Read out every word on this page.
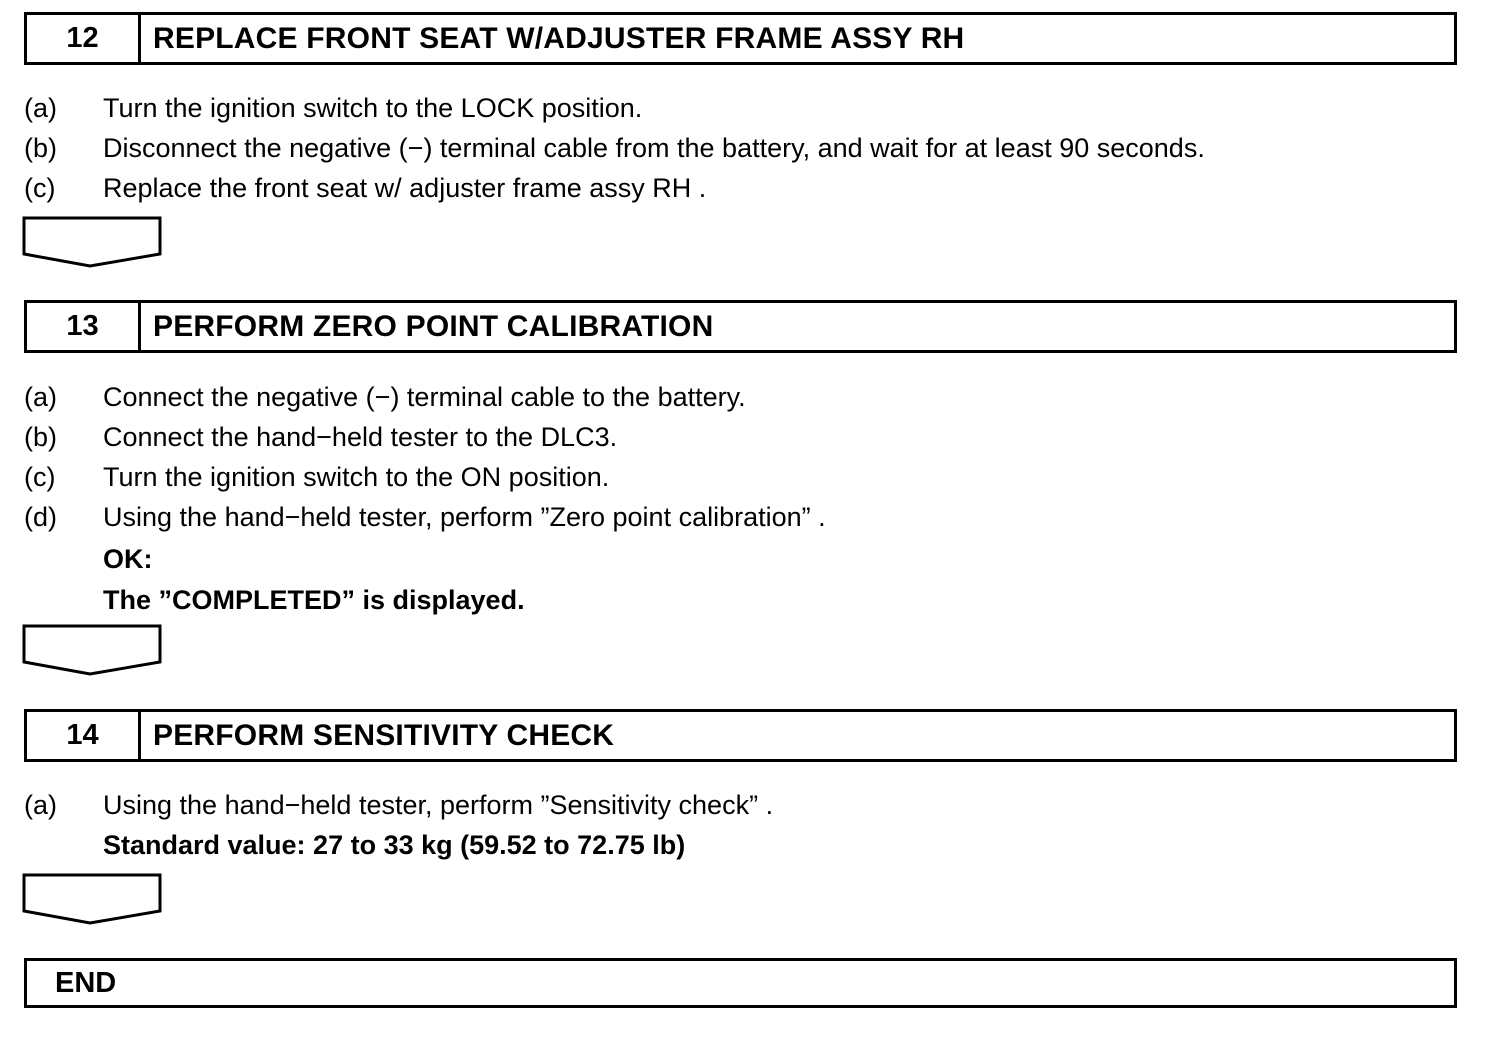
12	REPLACE FRONT SEAT W/ADJUSTER FRAME ASSY RH
(a) Turn the ignition switch to the LOCK position.
(b) Disconnect the negative (−) terminal cable from the battery, and wait for at least 90 seconds.
(c) Replace the front seat w/ adjuster frame assy RH .
13	PERFORM ZERO POINT CALIBRATION
(a) Connect the negative (−) terminal cable to the battery.
(b) Connect the hand−held tester to the DLC3.
(c) Turn the ignition switch to the ON position.
(d) Using the hand−held tester, perform ”Zero point calibration” .
OK:
The ”COMPLETED” is displayed.
14	PERFORM SENSITIVITY CHECK
(a) Using the hand−held tester, perform ”Sensitivity check” .
Standard value: 27 to 33 kg (59.52 to 72.75 lb)
END
